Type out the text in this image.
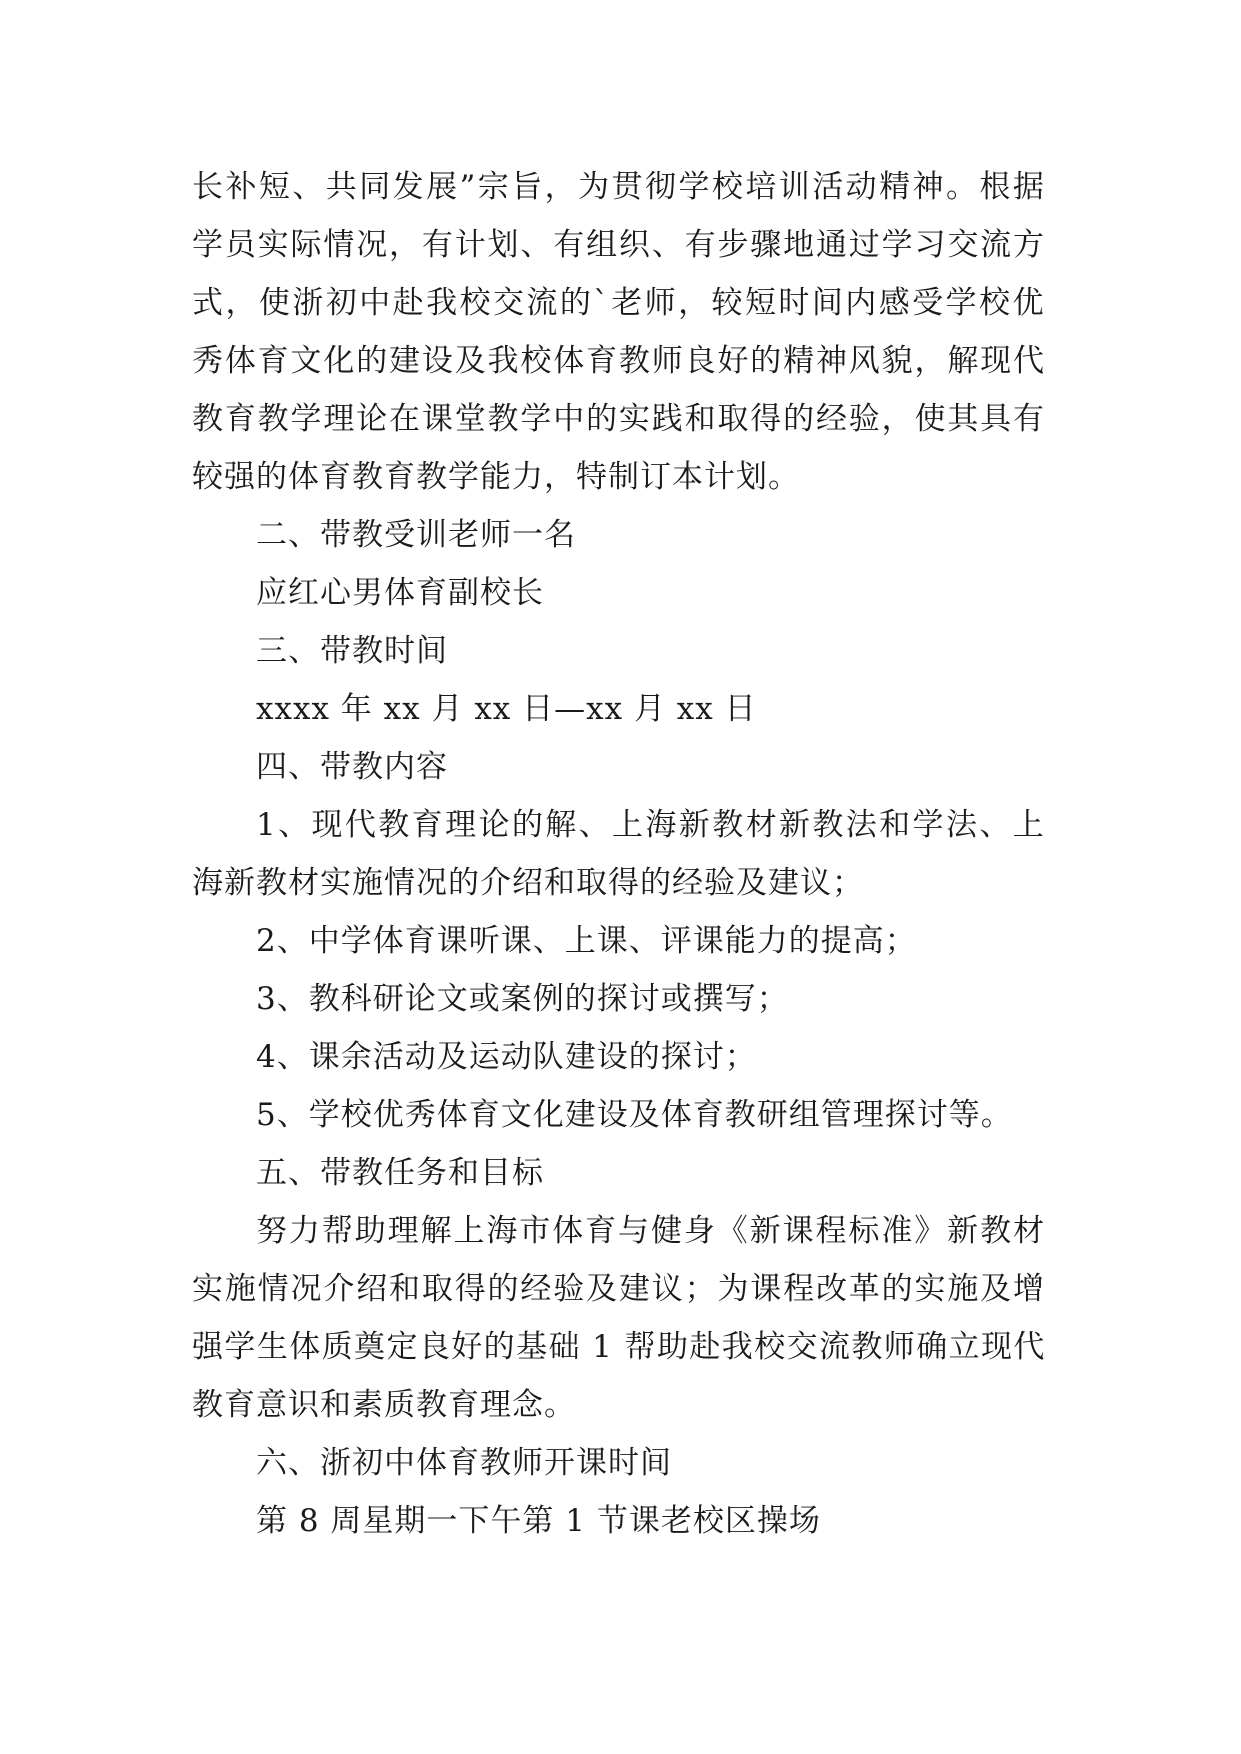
长补短、共同发展”宗旨，为贯彻学校培训活动精神。根据
学员实际情况，有计划、有组织、有步骤地通过学习交流方
式，使浙初中赴我校交流的`老师，较短时间内感受学校优
秀体育文化的建设及我校体育教师良好的精神风貌，解现代
教育教学理论在课堂教学中的实践和取得的经验，使其具有
较强的体育教育教学能力，特制订本计划。
二、带教受训老师一名
应红心男体育副校长
三、带教时间
xxxx 年 xx 月 xx 日—xx 月 xx 日
四、带教内容
1、现代教育理论的解、上海新教材新教法和学法、上
海新教材实施情况的介绍和取得的经验及建议；
2、中学体育课听课、上课、评课能力的提高；
3、教科研论文或案例的探讨或撰写；
4、课余活动及运动队建设的探讨；
5、学校优秀体育文化建设及体育教研组管理探讨等。
五、带教任务和目标
努力帮助理解上海市体育与健身《新课程标准》新教材
实施情况介绍和取得的经验及建议；为课程改革的实施及增
强学生体质奠定良好的基础 1 帮助赴我校交流教师确立现代
教育意识和素质教育理念。
六、浙初中体育教师开课时间
第 8 周星期一下午第 1 节课老校区操场
